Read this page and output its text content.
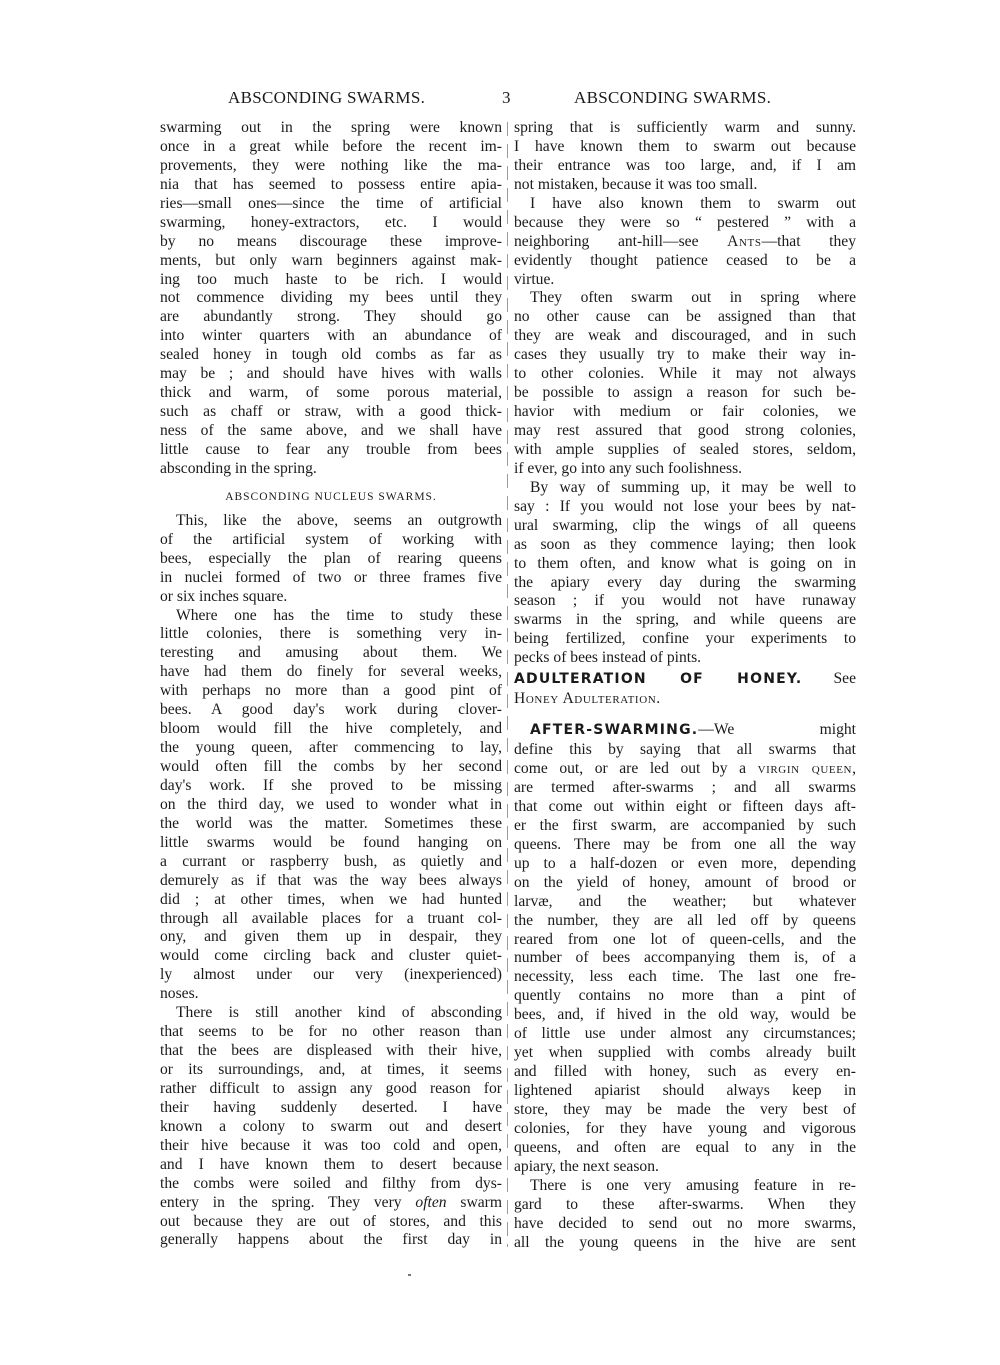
ABSCONDING SWARMS.	3	ABSCONDING SWARMS.
swarming out in the spring were known
once in a great while before the recent im-
provements, they were nothing like the ma-
nia that has seemed to possess entire apia-
ries—small ones—since the time of artificial
swarming, honey-extractors, etc. I would
by no means discourage these improve-
ments, but only warn beginners against mak-
ing too much haste to be rich. I would
not commence dividing my bees until they
are abundantly strong. They should go
into winter quarters with an abundance of
sealed honey in tough old combs as far as
may be ; and should have hives with walls
thick and warm, of some porous material,
such as chaff or straw, with a good thick-
ness of the same above, and we shall have
little cause to fear any trouble from bees
absconding in the spring.
ABSCONDING NUCLEUS SWARMS.
This, like the above, seems an outgrowth
of the artificial system of working with
bees, especially the plan of rearing queens
in nuclei formed of two or three frames five
or six inches square.
Where one has the time to study these
little colonies, there is something very in-
teresting and amusing about them. We
have had them do finely for several weeks,
with perhaps no more than a good pint of
bees. A good day's work during clover-
bloom would fill the hive completely, and
the young queen, after commencing to lay,
would often fill the combs by her second
day's work. If she proved to be missing
on the third day, we used to wonder what in
the world was the matter. Sometimes these
little swarms would be found hanging on
a currant or raspberry bush, as quietly and
demurely as if that was the way bees always
did ; at other times, when we had hunted
through all available places for a truant col-
ony, and given them up in despair, they
would come circling back and cluster quiet-
ly almost under our very (inexperienced)
noses.
There is still another kind of absconding
that seems to be for no other reason than
that the bees are displeased with their hive,
or its surroundings, and, at times, it seems
rather difficult to assign any good reason for
their having suddenly deserted. I have
known a colony to swarm out and desert
their hive because it was too cold and open,
and I have known them to desert because
the combs were soiled and filthy from dys-
entery in the spring. They very often swarm
out because they are out of stores, and this
generally happens about the first day in
spring that is sufficiently warm and sunny.
I have known them to swarm out because
their entrance was too large, and, if I am
not mistaken, because it was too small.
I have also known them to swarm out
because they were so “ pestered ” with a
neighboring ant-hill—see Ants—that they
evidently thought patience ceased to be a
virtue.
They often swarm out in spring where
no other cause can be assigned than that
they are weak and discouraged, and in such
cases they usually try to make their way in-
to other colonies. While it may not always
be possible to assign a reason for such be-
havior with medium or fair colonies, we
may rest assured that good strong colonies,
with ample supplies of sealed stores, seldom,
if ever, go into any such foolishness.
By way of summing up, it may be well to
say : If you would not lose your bees by nat-
ural swarming, clip the wings of all queens
as soon as they commence laying; then look
to them often, and know what is going on in
the apiary every day during the swarming
season ; if you would not have runaway
swarms in the spring, and while queens are
being fertilized, confine your experiments to
pecks of bees instead of pints.
ADULTERATION OF HONEY. See
Honey Adulteration.
AFTER-SWARMING.—We might
define this by saying that all swarms that
come out, or are led out by a virgin queen,
are termed after-swarms ; and all swarms
that come out within eight or fifteen days aft-
er the first swarm, are accompanied by such
queens. There may be from one all the way
up to a half-dozen or even more, depending
on the yield of honey, amount of brood or
larvæ, and the weather; but whatever
the number, they are all led off by queens
reared from one lot of queen-cells, and the
number of bees accompanying them is, of a
necessity, less each time. The last one fre-
quently contains no more than a pint of
bees, and, if hived in the old way, would be
of little use under almost any circumstances;
yet when supplied with combs already built
and filled with honey, such as every en-
lightened apiarist should always keep in
store, they may be made the very best of
colonies, for they have young and vigorous
queens, and often are equal to any in the
apiary, the next season.
There is one very amusing feature in re-
gard to these after-swarms. When they
have decided to send out no more swarms,
all the young queens in the hive are sent
